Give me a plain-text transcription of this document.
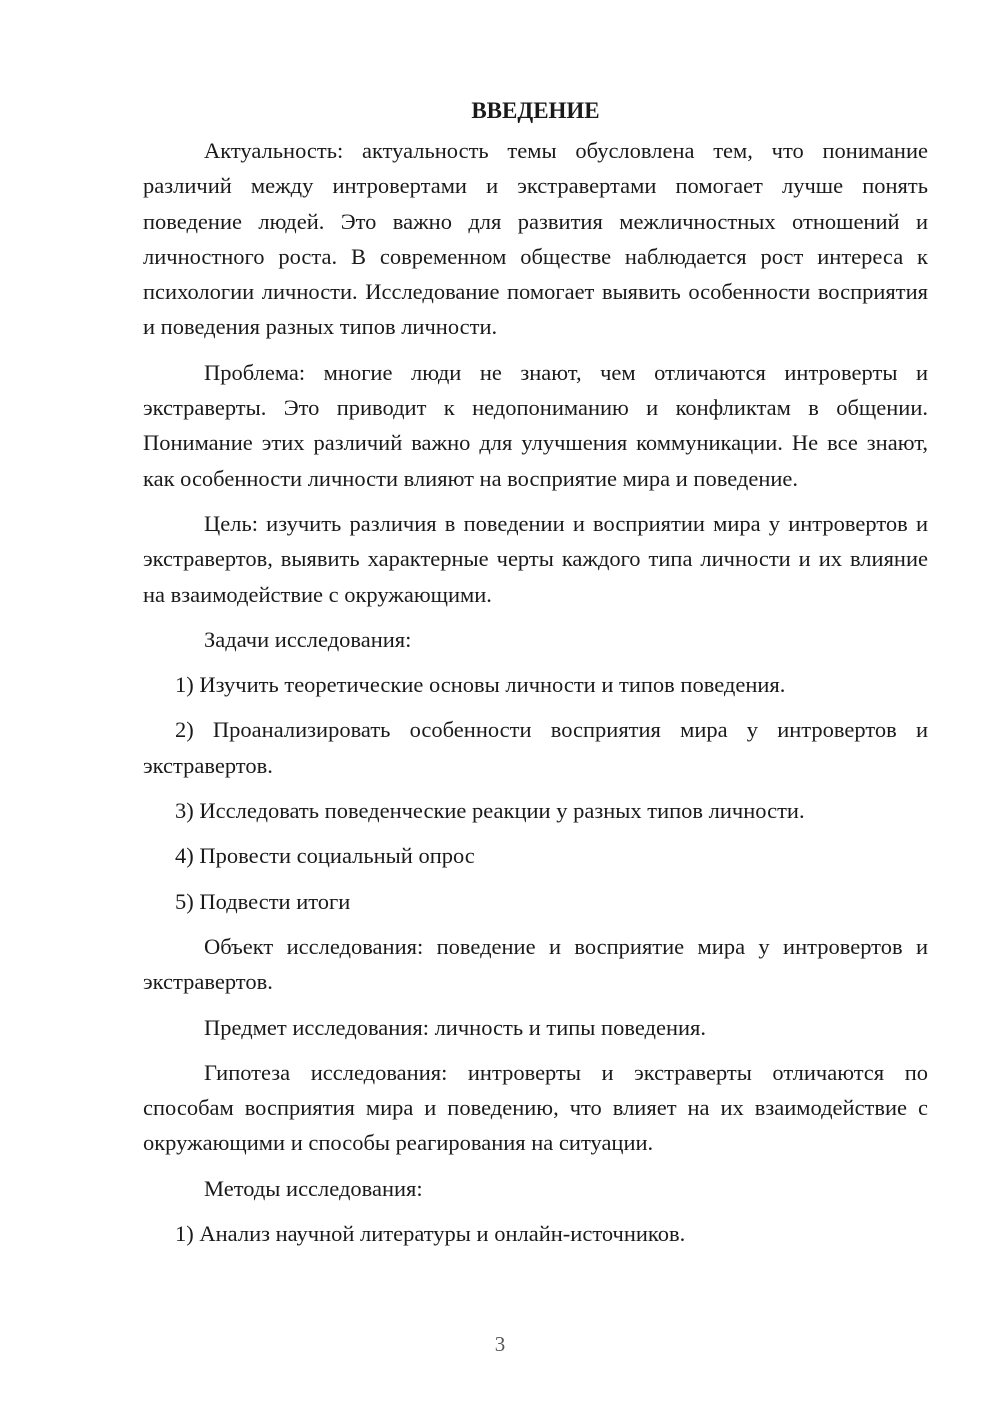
ВВЕДЕНИЕ

Актуальность: актуальность темы обусловлена тем, что понимание различий между интровертами и экстравертами помогает лучше понять поведение людей. Это важно для развития межличностных отношений и личностного роста. В современном обществе наблюдается рост интереса к психологии личности. Исследование помогает выявить особенности восприятия и поведения разных типов личности.

Проблема: многие люди не знают, чем отличаются интроверты и экстраверты. Это приводит к недопониманию и конфликтам в общении. Понимание этих различий важно для улучшения коммуникации. Не все знают, как особенности личности влияют на восприятие мира и поведение.

Цель: изучить различия в поведении и восприятии мира у интровертов и экстравертов, выявить характерные черты каждого типа личности и их влияние на взаимодействие с окружающими.

Задачи исследования:

1) Изучить теоретические основы личности и типов поведения.

2) Проанализировать особенности восприятия мира у интровертов и экстравертов.

3) Исследовать поведенческие реакции у разных типов личности.

4) Провести социальный опрос

5) Подвести итоги

Объект исследования: поведение и восприятие мира у интровертов и экстравертов.

Предмет исследования: личность и типы поведения.

Гипотеза исследования: интроверты и экстраверты отличаются по способам восприятия мира и поведению, что влияет на их взаимодействие с окружающими и способы реагирования на ситуации.

Методы исследования:

1) Анализ научной литературы и онлайн-источников.

3
